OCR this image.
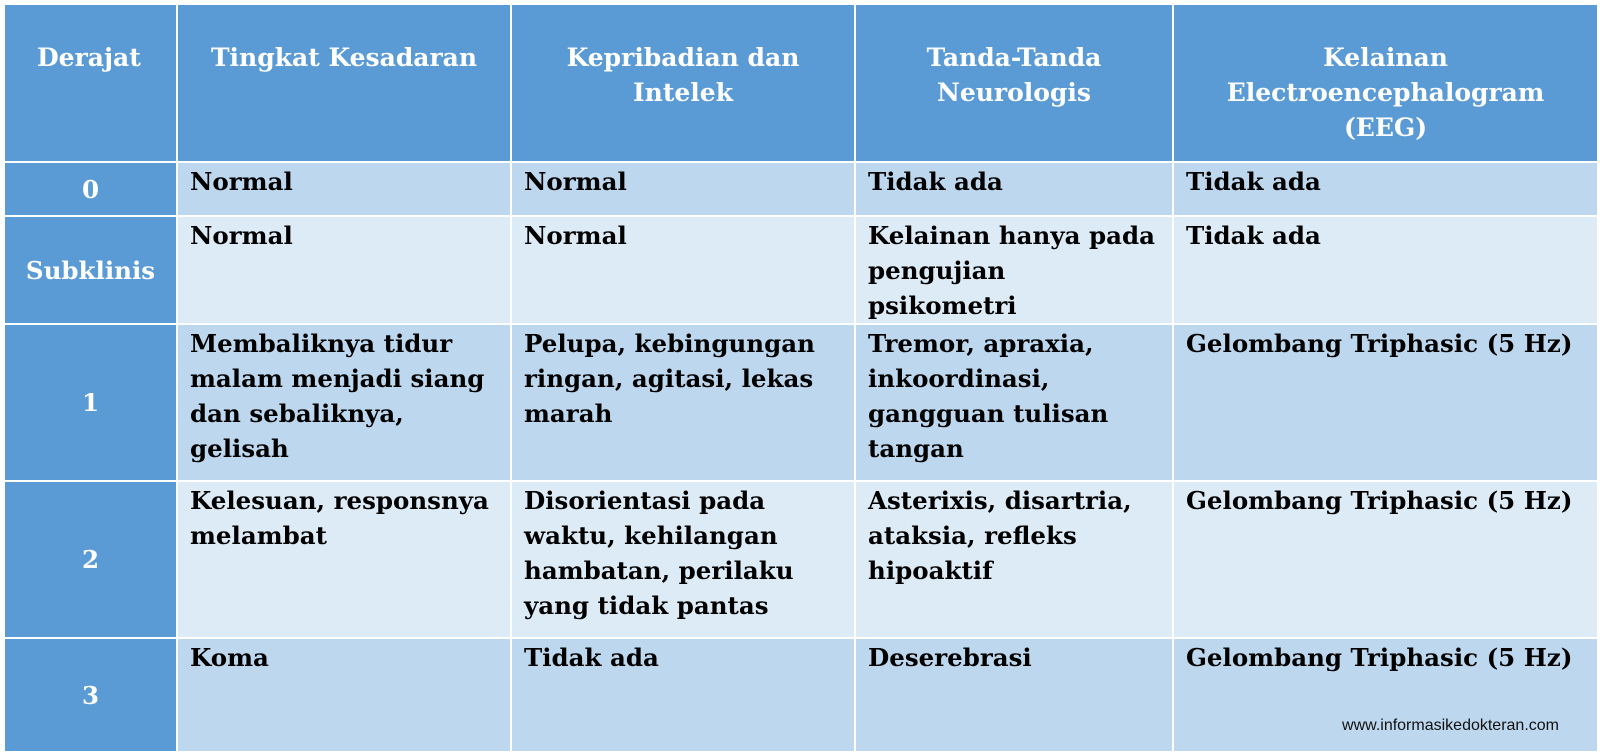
Derajat	Tingkat Kesadaran	Kepribadian dan Intelek	Tanda-Tanda Neurologis	Kelainan Electroencephalogram (EEG)
0	Normal	Normal	Tidak ada	Tidak ada

Subklinis	Normal	Normal	Kelainan hanya pada pengujian psikometri	Tidak ada

1	Membaliknya tidur malam menjadi siang dan sebaliknya, gelisah	Pelupa, kebingungan ringan, agitasi, lekas marah	Tremor, apraxia, inkoordinasi, gangguan tulisan tangan	Gelombang Triphasic (5 Hz)

2	Kelesuan, responsnya melambat	Disorientasi pada waktu, kehilangan hambatan, perilaku yang tidak pantas	Asterixis, disartria, ataksia, refleks hipoaktif	Gelombang Triphasic (5 Hz)

3	Koma	Tidak ada	Deserebrasi	Gelombang Triphasic (5 Hz)
www.informasikedokteran.com
